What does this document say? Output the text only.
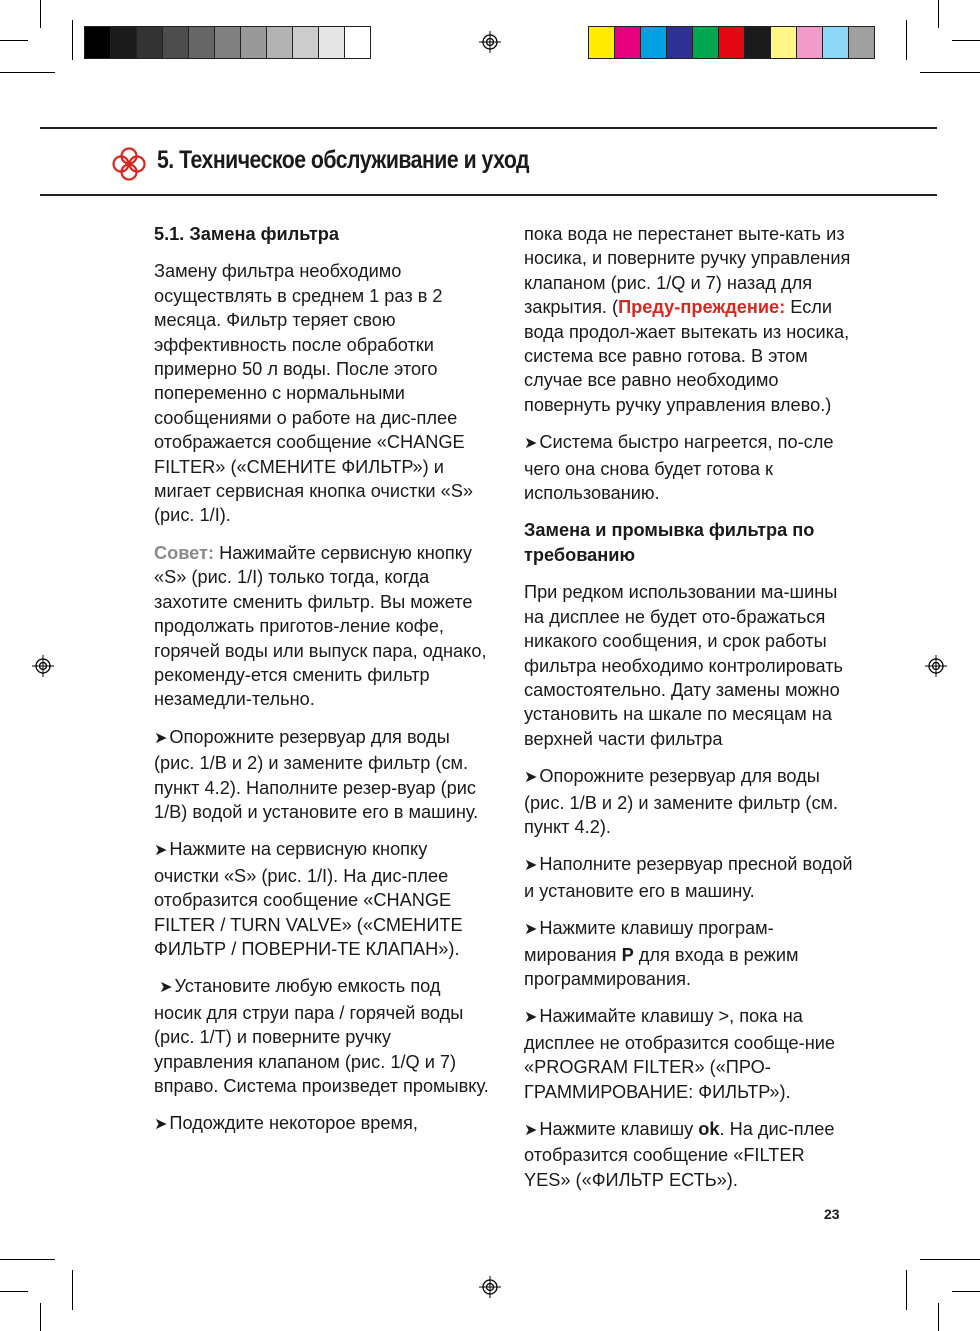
5. Техническое обслуживание и уход
5.1. Замена фильтра

Замену фильтра необходимо осуществлять в среднем 1 раз в 2 месяца. Фильтр теряет свою эффективность после обработки примерно 50 л воды. После этого попеременно с нормальными сообщениями о работе на дис-плее отображается сообщение «CHANGE FILTER» («СМЕНИТЕ ФИЛЬТР») и мигает сервисная кнопка очистки «S» (рис. 1/I).

Совет: Нажимайте сервисную кнопку «S» (рис. 1/I) только тогда, когда захотите сменить фильтр. Вы можете продолжать приготов-ление кофе, горячей воды или выпуск пара, однако, рекоменду-ется сменить фильтр незамедли-тельно.

➤ Опорожните резервуар для воды (рис. 1/B и 2) и замените фильтр (см. пункт 4.2). Наполните резер-вуар (рис 1/B) водой и установите его в машину.

➤ Нажмите на сервисную кнопку очистки «S» (рис. 1/I). На дис-плее отобразится сообщение «CHANGE FILTER / TURN VALVE» («СМЕНИТЕ ФИЛЬТР / ПОВЕРНИ-ТЕ КЛАПАН»).

➤ Установите любую емкость под носик для струи пара / горячей воды (рис. 1/T) и поверните ручку управления клапаном (рис. 1/Q и 7) вправо. Система произведет промывку.

➤ Подождите некоторое время,

пока вода не перестанет выте-кать из носика, и поверните ручку управления клапаном (рис. 1/Q и 7) назад для закрытия. (Преду-преждение: Если вода продол-жает вытекать из носика, система все равно готова. В этом случае все равно необходимо повернуть ручку управления влево.)

➤ Система быстро нагреется, по-сле чего она снова будет готова к использованию.

Замена и промывка фильтра по требованию

При редком использовании ма-шины на дисплее не будет ото-бражаться никакого сообщения, и срок работы фильтра необходимо контролировать самостоятельно. Дату замены можно установить на шкале по месяцам на верхней части фильтра

➤ Опорожните резервуар для воды (рис. 1/B и 2) и замените фильтр (см. пункт 4.2).

➤ Наполните резервуар пресной водой и установите его в машину.

➤ Нажмите клавишу програм-мирования P для входа в режим программирования.

➤ Нажимайте клавишу >, пока на дисплее не отобразится сообще-ние «PROGRAM FILTER» («ПРО-ГРАММИРОВАНИЕ: ФИЛЬТР»).

➤ Нажмите клавишу ok. На дис-плее отобразится сообщение «FILTER YES» («ФИЛЬТР ЕСТЬ»).

23
